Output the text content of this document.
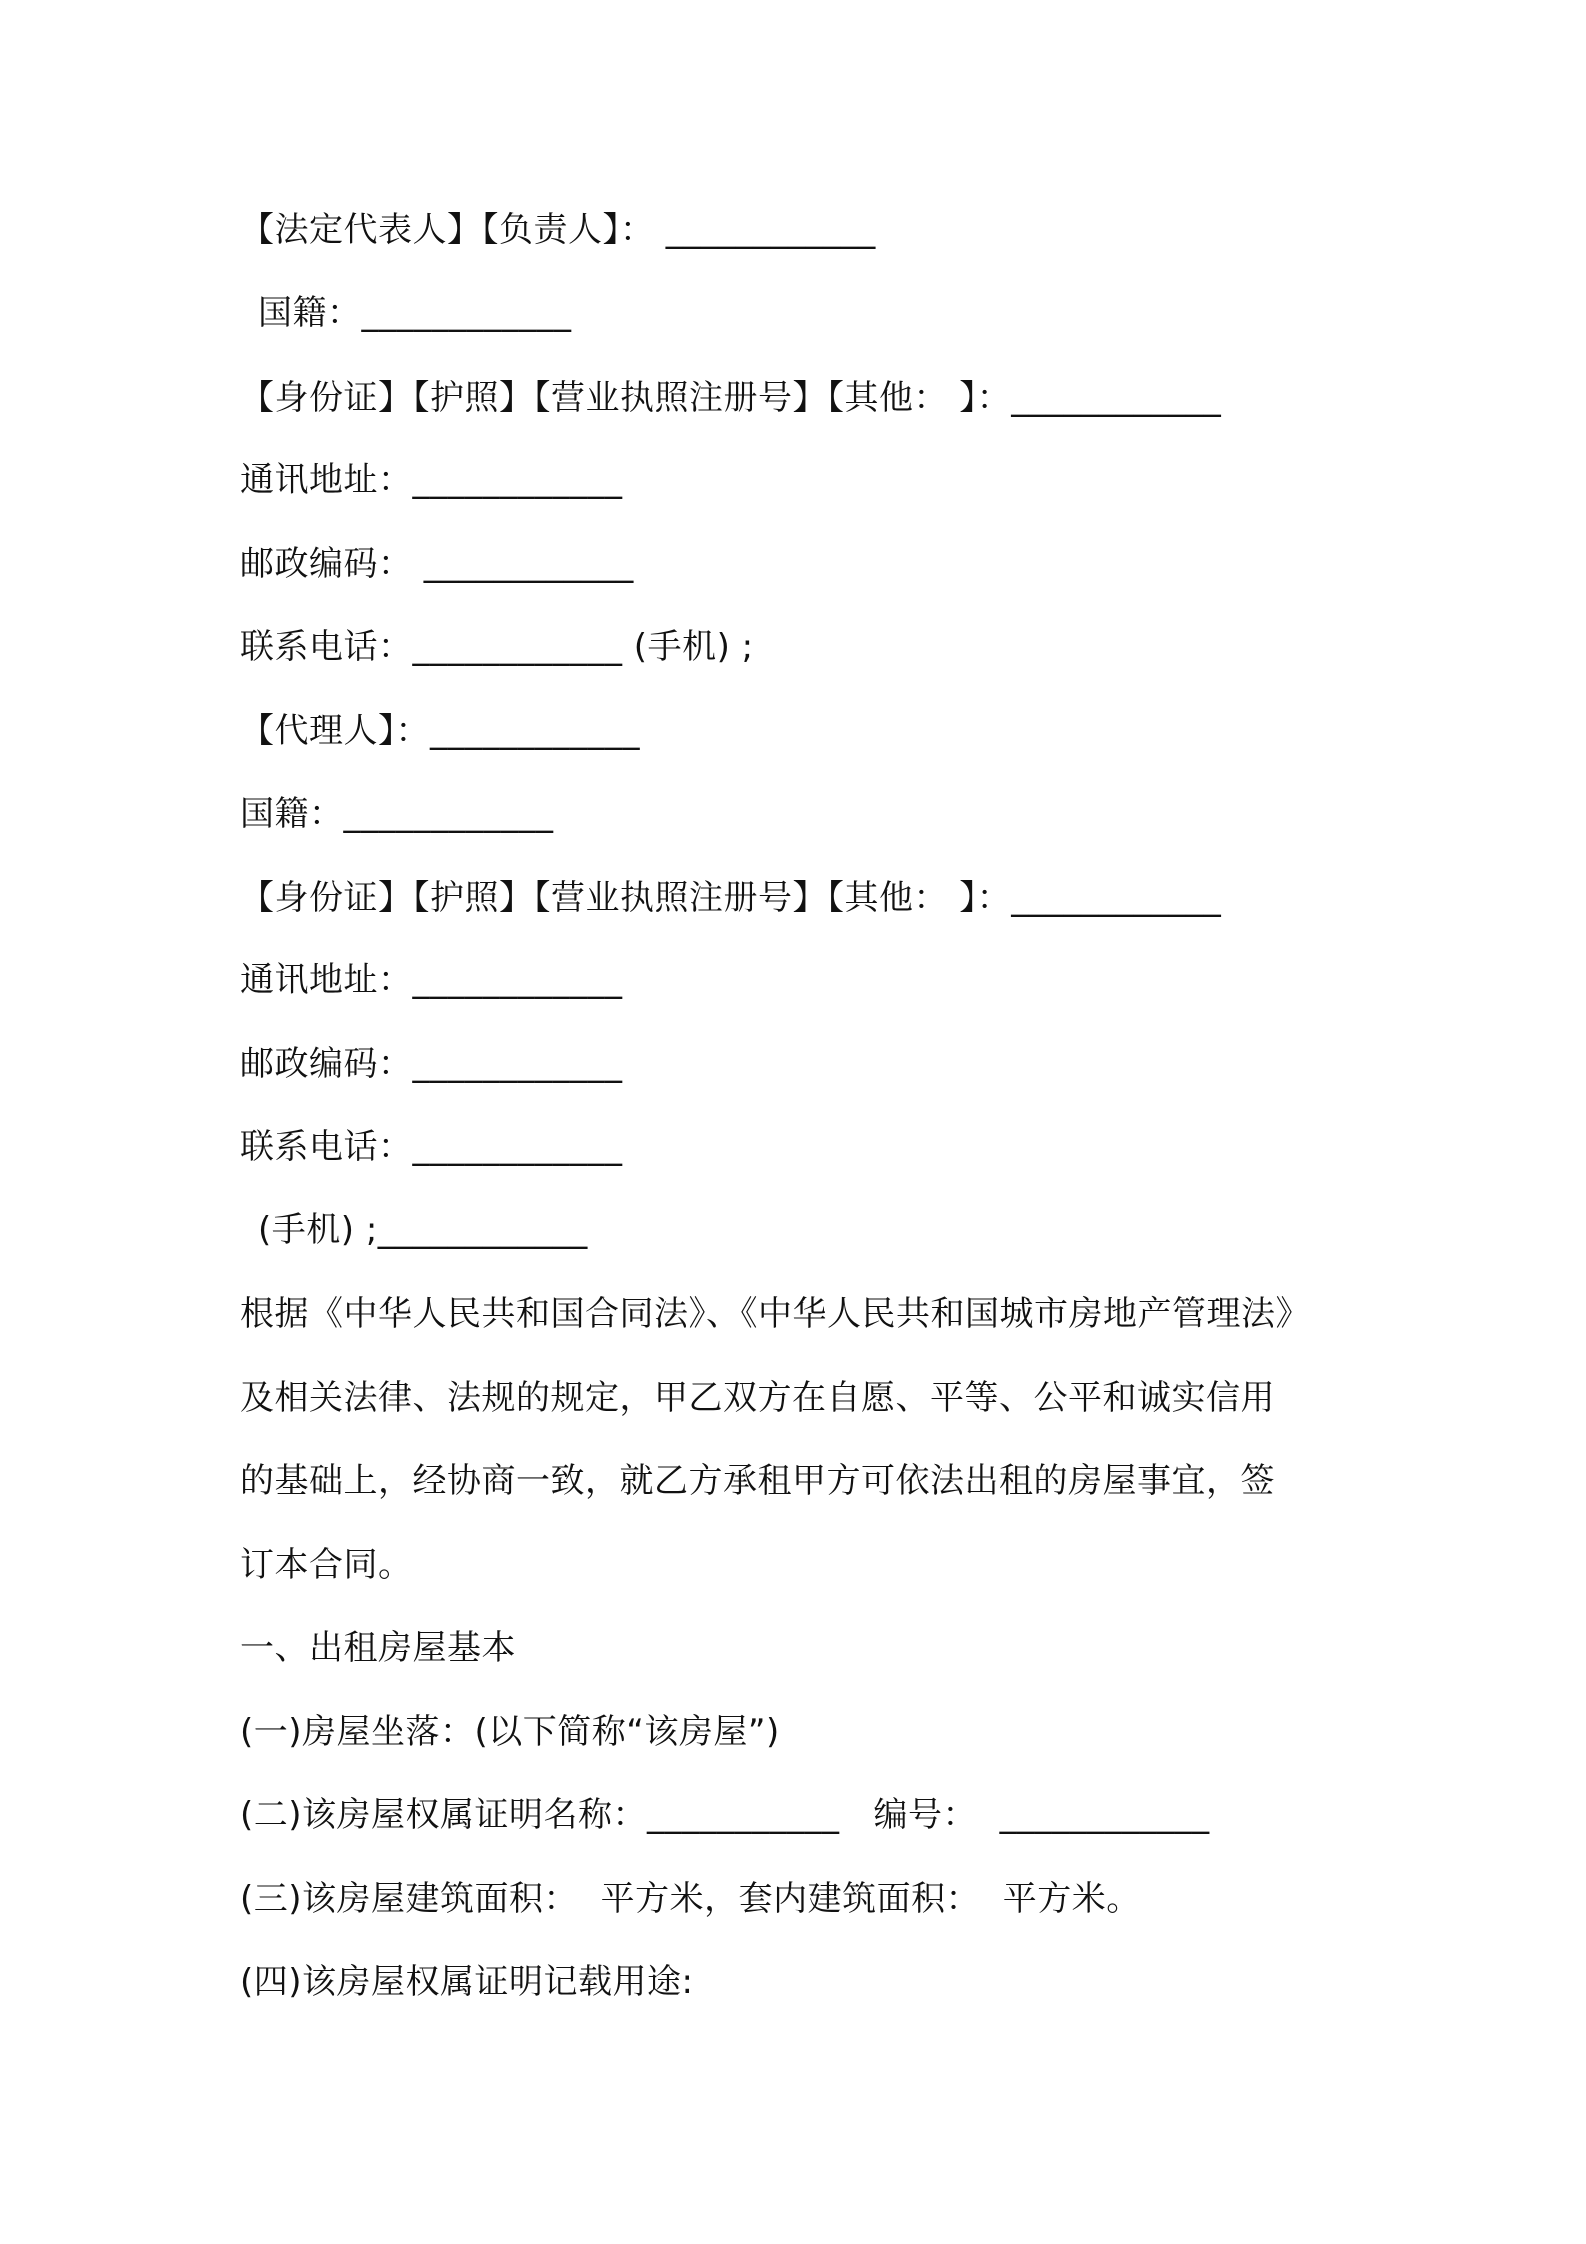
【法定代表人】【负责人】： ____________
国籍：____________
【身份证】【护照】【营业执照注册号】【其他： 】：____________
通讯地址：____________
邮政编码： ____________
联系电话：____________ (手机) ;
【代理人】：____________
国籍：____________
【身份证】【护照】【营业执照注册号】【其他： 】：____________
通讯地址：____________
邮政编码：____________
联系电话：____________
(手机) ;____________
根据《中华人民共和国合同法》、《中华人民共和国城市房地产管理法》
及相关法律、法规的规定，甲乙双方在自愿、平等、公平和诚实信用
的基础上，经协商一致，就乙方承租甲方可依法出租的房屋事宜，签
订本合同。
一、出租房屋基本
(一)房屋坐落：(以下简称“该房屋”)
(二)该房屋权属证明名称：___________   编号：  ____________
(三)该房屋建筑面积：  平方米，套内建筑面积：  平方米。
(四)该房屋权属证明记载用途:
